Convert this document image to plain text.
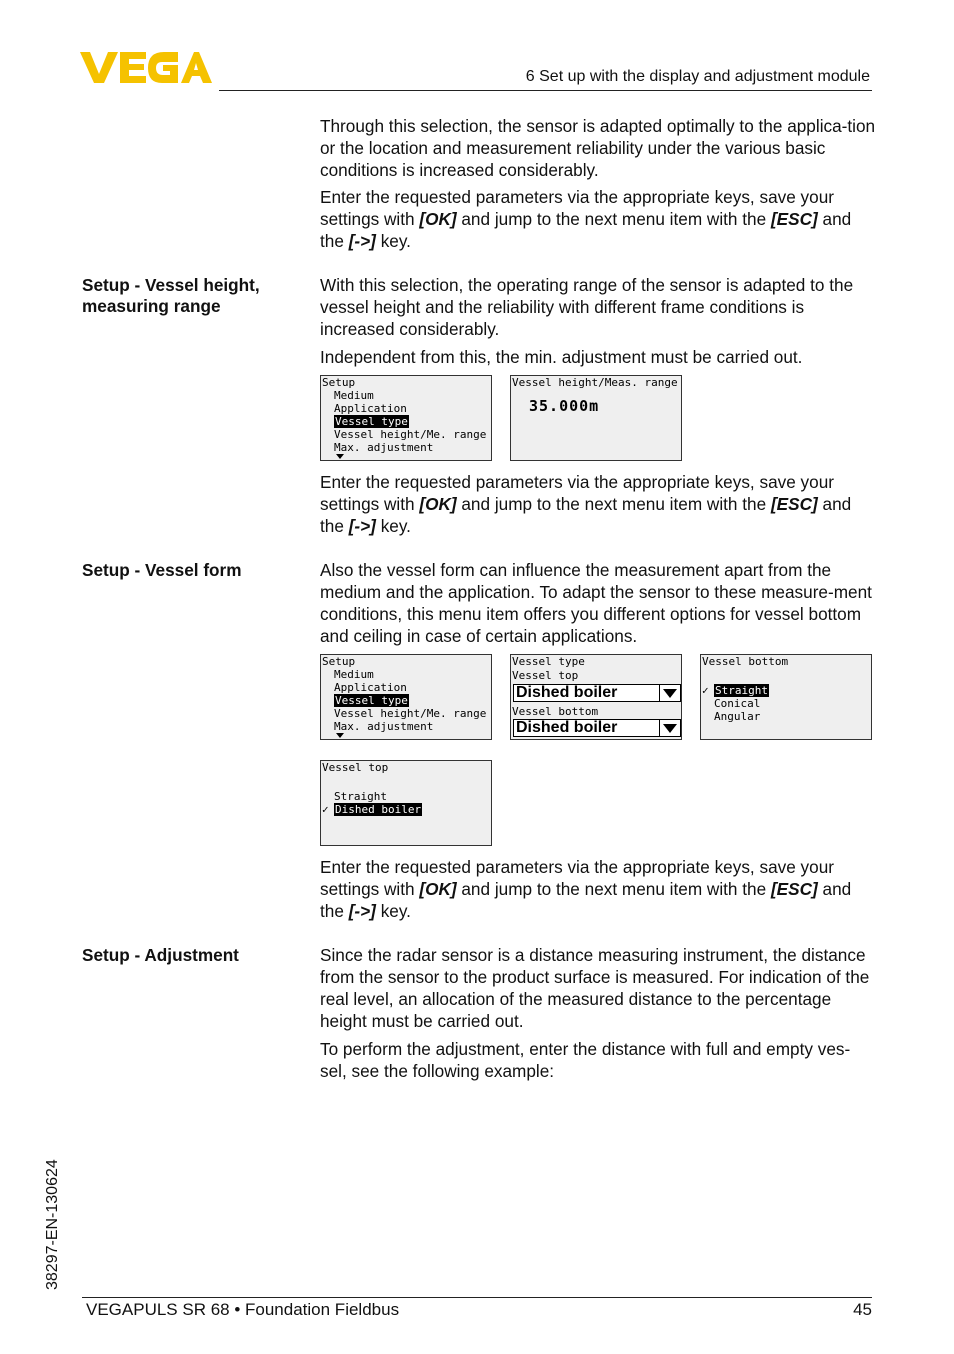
6 Set up with the display and adjustment module

Through this selection, the sensor is adapted optimally to the applica-tion or the location and measurement reliability under the various basic conditions is increased considerably.

Enter the requested parameters via the appropriate keys, save your settings with [OK] and jump to the next menu item with the [ESC] and the [->] key.

Setup - Vessel height, measuring range

With this selection, the operating range of the sensor is adapted to the vessel height and the reliability with different frame conditions is increased considerably.

Independent from this, the min. adjustment must be carried out.

Setup
Medium
Application
Vessel type
Vessel height/Me. range
Max. adjustment
Vessel height/Meas. range
35.000m

Enter the requested parameters via the appropriate keys, save your settings with [OK] and jump to the next menu item with the [ESC] and the [->] key.

Setup - Vessel form	Also the vessel form can influence the measurement apart from the medium and the application. To adapt the sensor to these measure-ment conditions, this menu item offers you different options for vessel bottom and ceiling in case of certain applications.

Setup
Medium
Application
Vessel type
Vessel height/Me. range
Max. adjustment
Vessel type
Vessel top
Dished boiler
Vessel bottom
Dished boiler
Vessel bottom
✓ Straight
Conical
Angular
Vessel top
Straight
✓ Dished boiler

Enter the requested parameters via the appropriate keys, save your settings with [OK] and jump to the next menu item with the [ESC] and the [->] key.

Setup - Adjustment	Since the radar sensor is a distance measuring instrument, the distance from the sensor to the product surface is measured. For indication of the real level, an allocation of the measured distance to the percentage height must be carried out.

To perform the adjustment, enter the distance with full and empty ves-sel, see the following example:

38297-EN-130624
VEGAPULS SR 68 • Foundation Fieldbus	45
